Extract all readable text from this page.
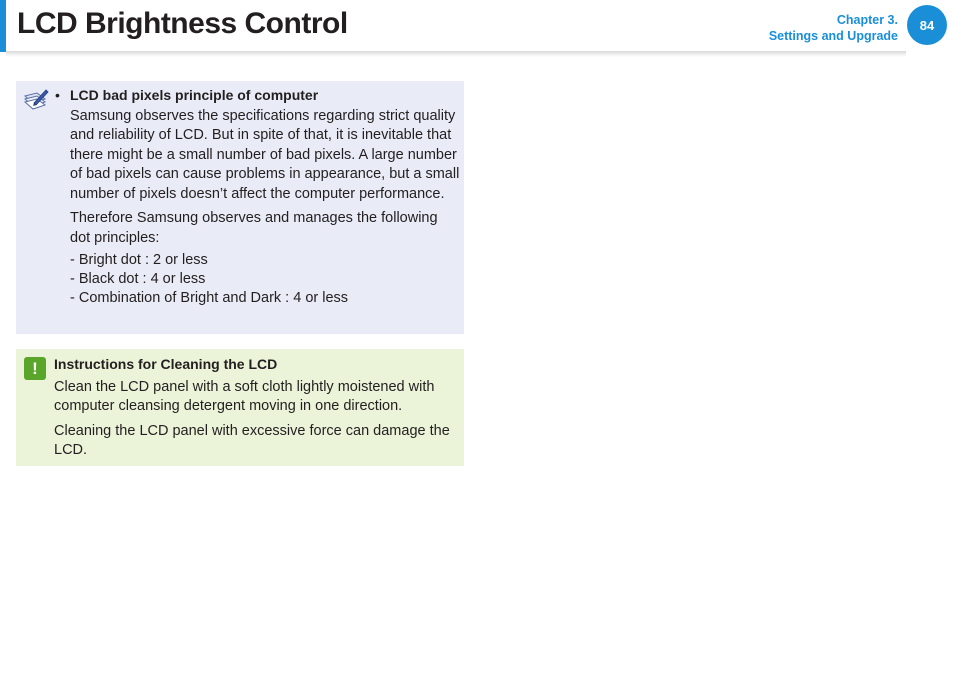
LCD Brightness Control	Chapter 3.
Settings and Upgrade
84
• LCD bad pixels principle of computer

Samsung observes the specifications regarding strict quality and reliability of LCD. But in spite of that, it is inevitable that there might be a small number of bad pixels. A large number of bad pixels can cause problems in appearance, but a small number of pixels doesn’t affect the computer performance.

Therefore Samsung observes and manages the following dot principles:

- Bright dot : 2 or less
- Black dot : 4 or less
- Combination of Bright and Dark : 4 or less
!	Instructions for Cleaning the LCD

Clean the LCD panel with a soft cloth lightly moistened with computer cleansing detergent moving in one direction.

Cleaning the LCD panel with excessive force can damage the LCD.
